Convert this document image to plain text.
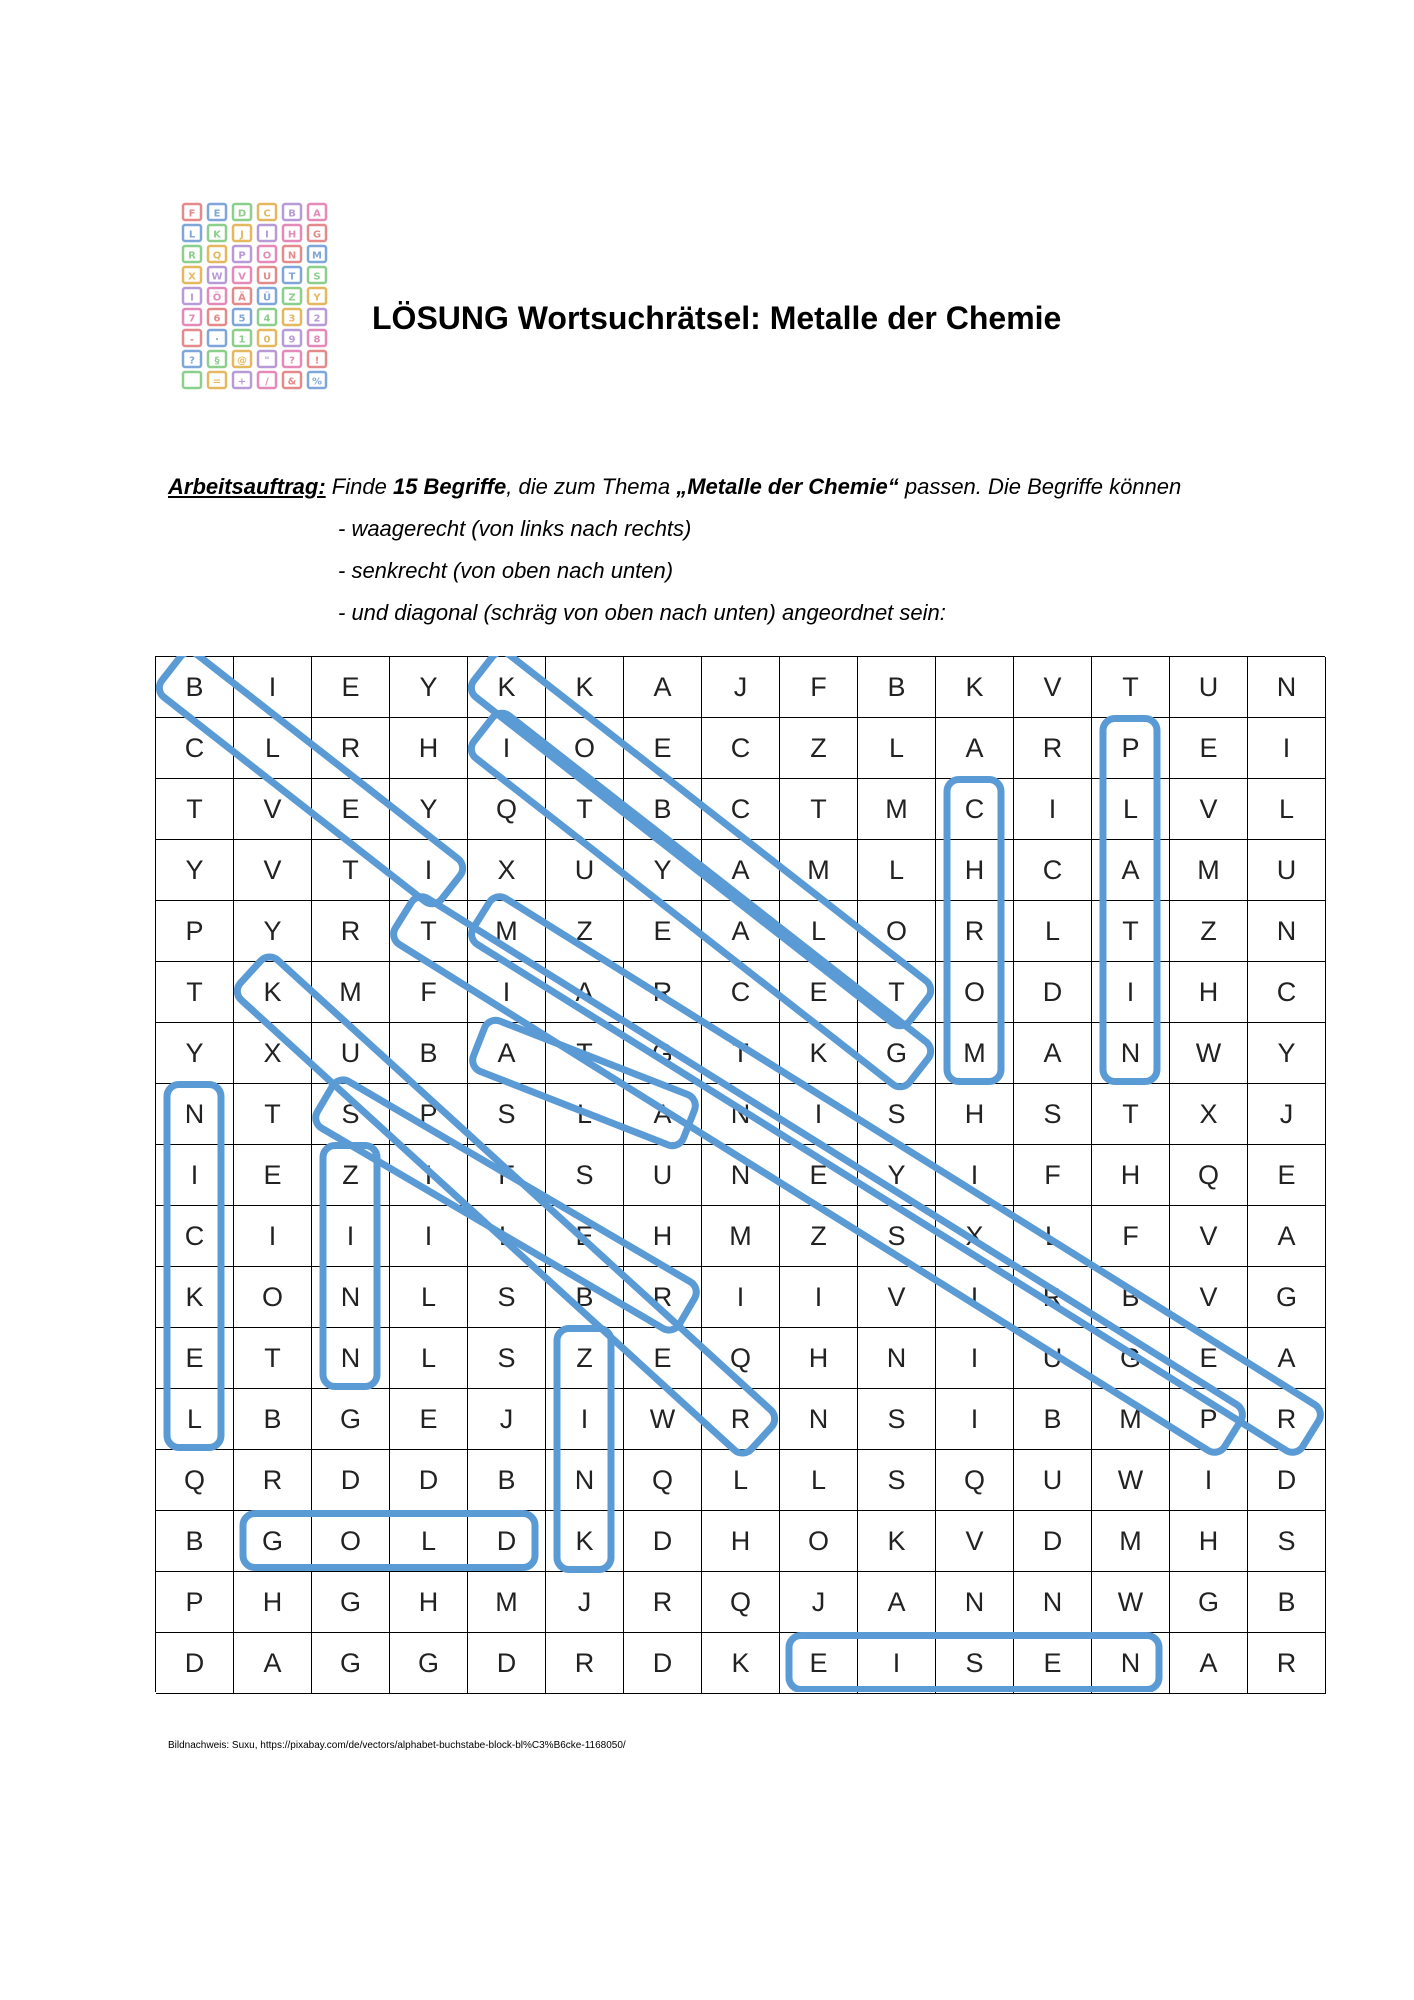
F E D C B A
L K J I H G
R Q P O N M
X W V U T S
I Ö Ä Ü Z Y
7 6 5 4 3 2
- · 1 0 9 8
? § @ " ? !
= + / & %
LÖSUNG Wortsuchrätsel: Metalle der Chemie
Arbeitsauftrag: Finde 15 Begriffe, die zum Thema „Metalle der Chemie“ passen. Die Begriffe können
- waagerecht (von links nach rechts)
- senkrecht (von oben nach unten)
- und diagonal (schräg von oben nach unten) angeordnet sein:
B	I	E	Y	K	K	A	J	F	B	K	V	T	U	N
C	L	R	H	I	O	E	C	Z	L	A	R	P	E	I
T	V	E	Y	Q	T	B	C	T	M	C	I	L	V	L
Y	V	T	I	X	U	Y	A	M	L	H	C	A	M	U
P	Y	R	T	M	Z	E	A	L	O	R	L	T	Z	N
T	K	M	F	I	A	R	C	E	T	O	D	I	H	C
Y	X	U	B	A	T	G	T	K	G	M	A	N	W	Y
N	T	S	P	S	L	A	N	I	S	H	S	T	X	J
I	E	Z	I	F	S	U	N	E	Y	I	F	H	Q	E
C	I	I	I	L	E	H	M	Z	S	X	L	F	V	A
K	O	N	L	S	B	R	I	I	V	I	R	B	V	G
E	T	N	L	S	Z	E	Q	H	N	I	U	G	E	A
L	B	G	E	J	I	W	R	N	S	I	B	M	P	R
Q	R	D	D	B	N	Q	L	L	S	Q	U	W	I	D
B	G	O	L	D	K	D	H	O	K	V	D	M	H	S
P	H	G	H	M	J	R	Q	J	A	N	N	W	G	B
D	A	G	G	D	R	D	K	E	I	S	E	N	A	R
Bildnachweis: Suxu, https://pixabay.com/de/vectors/alphabet-buchstabe-block-bl%C3%B6cke-1168050/
